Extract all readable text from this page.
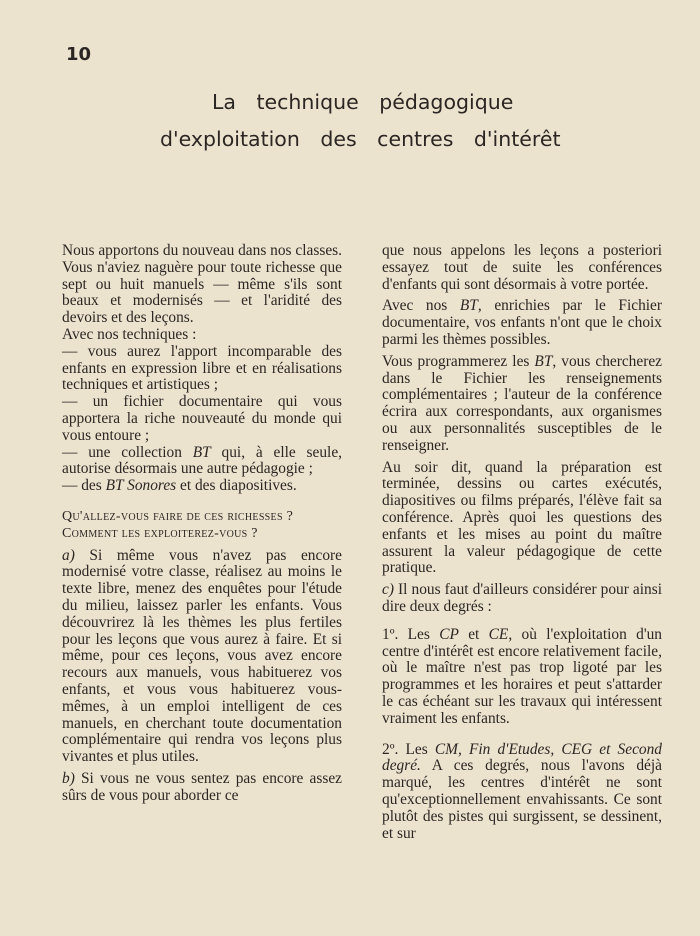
10
La technique pédagogique
d'exploitation des centres d'intérêt

Nous apportons du nouveau dans nos classes.

Vous n'aviez naguère pour toute richesse que sept ou huit manuels — même s'ils sont beaux et modernisés — et l'aridité des devoirs et des leçons.

Avec nos techniques :

— vous aurez l'apport incomparable des enfants en expression libre et en réalisations techniques et artistiques ;

— un fichier documentaire qui vous apportera la riche nouveauté du monde qui vous entoure ;

— une collection BT qui, à elle seule, autorise désormais une autre pédagogie ;

— des BT Sonores et des diapositives.

Qu'allez-vous faire de ces richesses ?
Comment les exploiterez-vous ?

a) Si même vous n'avez pas encore modernisé votre classe, réalisez au moins le texte libre, menez des enquêtes pour l'étude du milieu, laissez parler les enfants. Vous découvrirez là les thèmes les plus fertiles pour les leçons que vous aurez à faire. Et si même, pour ces leçons, vous avez encore recours aux manuels, vous habituerez vos enfants, et vous vous habituerez vous-mêmes, à un emploi intelligent de ces manuels, en cherchant toute documentation complémentaire qui rendra vos leçons plus vivantes et plus utiles.

b) Si vous ne vous sentez pas encore assez sûrs de vous pour aborder ce

que nous appelons les leçons a posteriori essayez tout de suite les conférences d'enfants qui sont désormais à votre portée.

Avec nos BT, enrichies par le Fichier documentaire, vos enfants n'ont que le choix parmi les thèmes possibles.

Vous programmerez les BT, vous chercherez dans le Fichier les renseignements complémentaires ; l'auteur de la conférence écrira aux correspondants, aux organismes ou aux personnalités susceptibles de le renseigner.

Au soir dit, quand la préparation est terminée, dessins ou cartes exécutés, diapositives ou films préparés, l'élève fait sa conférence. Après quoi les questions des enfants et les mises au point du maître assurent la valeur pédagogique de cette pratique.

c) Il nous faut d'ailleurs considérer pour ainsi dire deux degrés :

1º. Les CP et CE, où l'exploitation d'un centre d'intérêt est encore relativement facile, où le maître n'est pas trop ligoté par les programmes et les horaires et peut s'attarder le cas échéant sur les travaux qui intéressent vraiment les enfants.

2º. Les CM, Fin d'Etudes, CEG et Second degré. A ces degrés, nous l'avons déjà marqué, les centres d'intérêt ne sont qu'exceptionnellement envahissants. Ce sont plutôt des pistes qui surgissent, se dessinent, et sur
